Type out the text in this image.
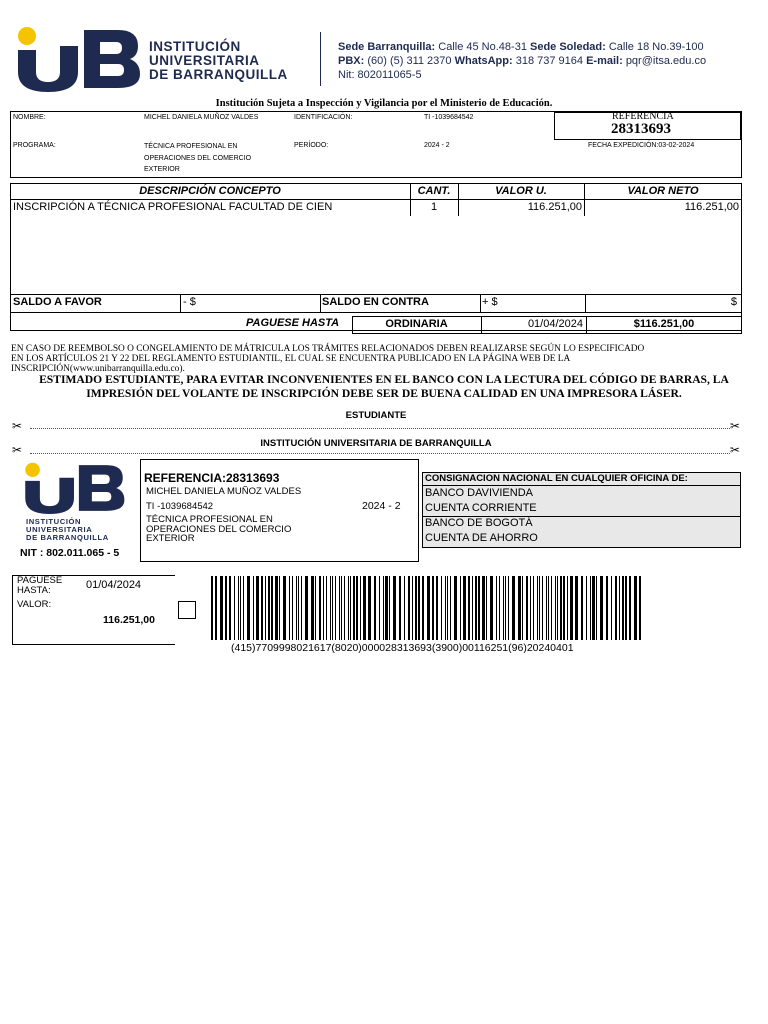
INSTITUCIÓN
UNIVERSITARIA
DE BARRANQUILLA
Sede Barranquilla: Calle 45 No.48-31 Sede Soledad: Calle 18 No.39-100
PBX: (60) (5) 311 2370 WhatsApp: 318 737 9164 E-mail: pqr@itsa.edu.co
Nit: 802011065-5
Institución Sujeta a Inspección y Vigilancia por el Ministerio de Educación.
NOMBRE:	MICHEL DANIELA MUÑOZ VALDES	IDENTIFICACIÓN:	TI -1039684542	REFERENCIA
28313693
PROGRAMA:	TÉCNICA PROFESIONAL EN
OPERACIONES DEL COMERCIO
EXTERIOR
PERÍODO:	2024 - 2	FECHA EXPEDICIÓN:03-02-2024
DESCRIPCIÓN CONCEPTO	CANT.	VALOR U.	VALOR NETO
INSCRIPCIÓN A TÉCNICA PROFESIONAL FACULTAD DE CIEN	1	116.251,00	116.251,00
SALDO A FAVOR	- $	SALDO EN CONTRA	+ $	$
PAGUESE HASTA	ORDINARIA	01/04/2024	$116.251,00
EN CASO DE REEMBOLSO O CONGELAMIENTO DE MÁTRICULA LOS TRÁMITES RELACIONADOS DEBEN REALIZARSE SEGÚN LO ESPECIFICADO
EN LOS ARTÍCULOS 21 Y 22 DEL REGLAMENTO ESTUDIANTIL, EL CUAL SE ENCUENTRA PUBLICADO EN LA PÁGINA WEB DE LA
INSCRIPCIÓN(www.unibarranquilla.edu.co).
ESTIMADO ESTUDIANTE, PARA EVITAR INCONVENIENTES EN EL BANCO CON LA LECTURA DEL CÓDIGO DE BARRAS, LA
IMPRESIÓN DEL VOLANTE DE INSCRIPCIÓN DEBE SER DE BUENA CALIDAD EN UNA IMPRESORA LÁSER.
ESTUDIANTE
✂	✂
INSTITUCIÓN UNIVERSITARIA DE BARRANQUILLA
✂	✂
INSTITUCIÓN
UNIVERSITARIA
DE BARRANQUILLA
NIT : 802.011.065 - 5
REFERENCIA:28313693
MICHEL DANIELA MUÑOZ VALDES
TI -1039684542	2024 - 2
TÉCNICA PROFESIONAL EN
OPERACIONES DEL COMERCIO
EXTERIOR
CONSIGNACION NACIONAL EN CUALQUIER OFICINA DE:
BANCO DAVIVIENDA
CUENTA CORRIENTE
BANCO DE BOGOTÁ
CUENTA DE AHORRO
PAGUESE
HASTA:	01/04/2024
VALOR:
116.251,00
(415)7709998021617(8020)000028313693(3900)00116251(96)20240401
